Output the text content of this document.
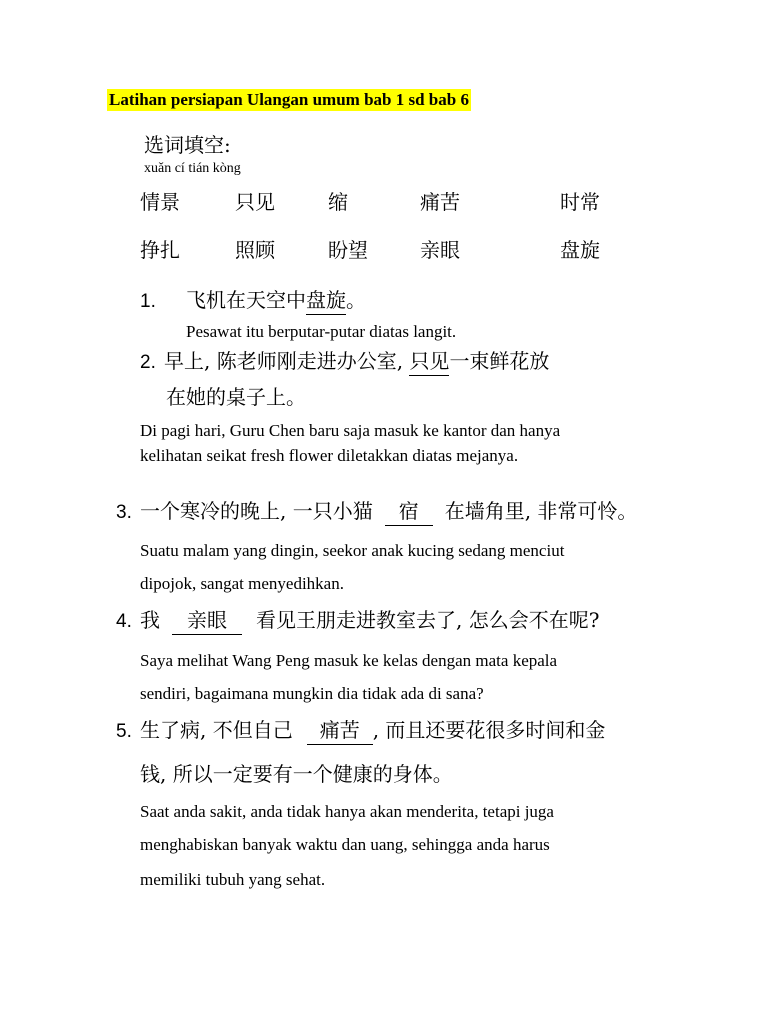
Latihan persiapan Ulangan umum bab 1 sd bab 6
选词填空:
xuǎn cí tián kòng
情景	只见	缩	痛苦	时常
挣扎	照顾	盼望	亲眼	盘旋
1. 飞机在天空中盘旋。
Pesawat itu berputar-putar diatas langit.
2. 早上, 陈老师刚走进办公室, 只见一束鲜花放
在她的桌子上。
Di pagi hari, Guru Chen baru saja masuk ke kantor dan hanya
kelihatan seikat fresh flower diletakkan diatas mejanya.
3. 一个寒冷的晚上, 一只小猫 宿 在墙角里, 非常可怜。
Suatu malam yang dingin, seekor anak kucing sedang menciut
dipojok, sangat menyedihkan.
4. 我 亲眼 看见王朋走进教室去了, 怎么会不在呢?
Saya melihat Wang Peng masuk ke kelas dengan mata kepala
sendiri, bagaimana mungkin dia tidak ada di sana?
5. 生了病, 不但自己 痛苦 , 而且还要花很多时间和金
钱, 所以一定要有一个健康的身体。
Saat anda sakit, anda tidak hanya akan menderita, tetapi juga
menghabiskan banyak waktu dan uang, sehingga anda harus
memiliki tubuh yang sehat.
